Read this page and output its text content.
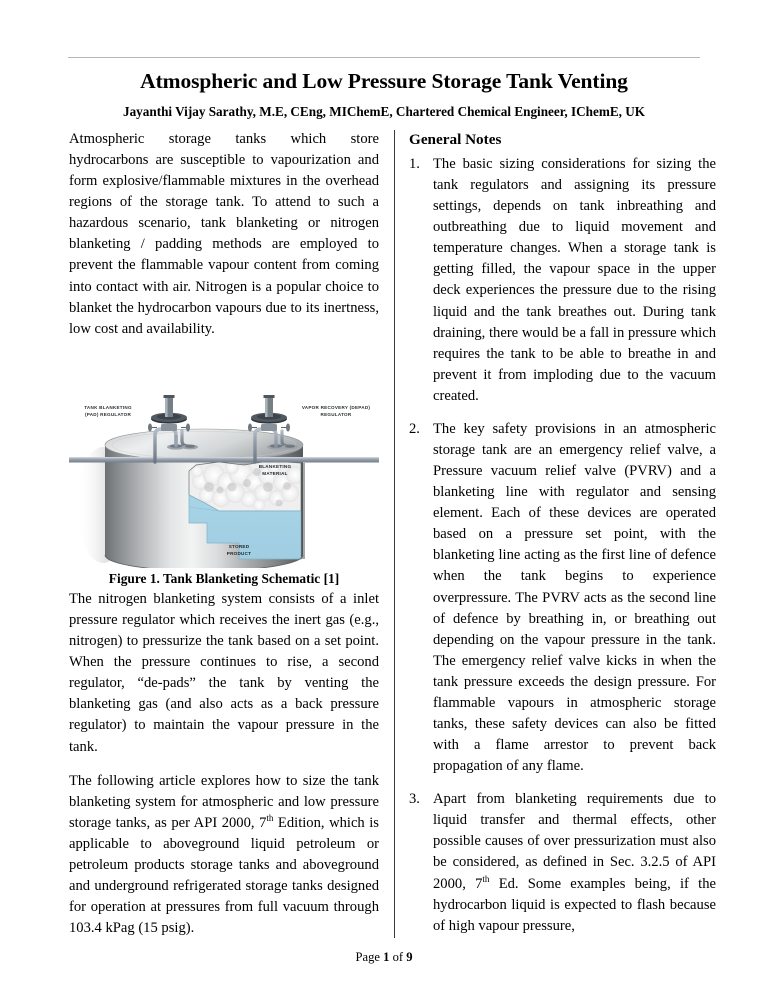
Atmospheric and Low Pressure Storage Tank Venting
Jayanthi Vijay Sarathy, M.E, CEng, MIChemE, Chartered Chemical Engineer, IChemE, UK

Atmospheric storage tanks which store hydrocarbons are susceptible to vapourization and form explosive/flammable mixtures in the overhead regions of the storage tank. To attend to such a hazardous scenario, tank blanketing or nitrogen blanketing / padding methods are employed to prevent the flammable vapour content from coming into contact with air. Nitrogen is a popular choice to blanket the hydrocarbon vapours due to its inertness, low cost and availability.

TANK BLANKETING
(PAD) REGULATOR
VAPOR RECOVERY (DEPAD)
REGULATOR
BLANKETING
MATERIAL
STORED
PRODUCT
Figure 1. Tank Blanketing Schematic [1]

The nitrogen blanketing system consists of a inlet pressure regulator which receives the inert gas (e.g., nitrogen) to pressurize the tank based on a set point. When the pressure continues to rise, a second regulator, “de-pads” the tank by venting the blanketing gas (and also acts as a back pressure regulator) to maintain the vapour pressure in the tank.

The following article explores how to size the tank blanketing system for atmospheric and low pressure storage tanks, as per API 2000, 7th Edition, which is applicable to aboveground liquid petroleum or petroleum products storage tanks and aboveground and underground refrigerated storage tanks designed for operation at pressures from full vacuum through 103.4 kPag (15 psig).

General Notes
The basic sizing considerations for sizing the tank regulators and assigning its pressure settings, depends on tank inbreathing and outbreathing due to liquid movement and temperature changes. When a storage tank is getting filled, the vapour space in the upper deck experiences the pressure due to the rising liquid and the tank breathes out. During tank draining, there would be a fall in pressure which requires the tank to be able to breathe in and prevent it from imploding due to the vacuum created.
The key safety provisions in an atmospheric storage tank are an emergency relief valve, a Pressure vacuum relief valve (PVRV) and a blanketing line with regulator and sensing element. Each of these devices are operated based on a pressure set point, with the blanketing line acting as the first line of defence when the tank begins to experience overpressure. The PVRV acts as the second line of defence by breathing in, or breathing out depending on the vapour pressure in the tank. The emergency relief valve kicks in when the tank pressure exceeds the design pressure. For flammable vapours in atmospheric storage tanks, these safety devices can also be fitted with a flame arrestor to prevent back propagation of any flame.
Apart from blanketing requirements due to liquid transfer and thermal effects, other possible causes of over pressurization must also be considered, as defined in Sec. 3.2.5 of API 2000, 7th Ed. Some examples being, if the hydrocarbon liquid is expected to flash because of high vapour pressure,
Page 1 of 9
